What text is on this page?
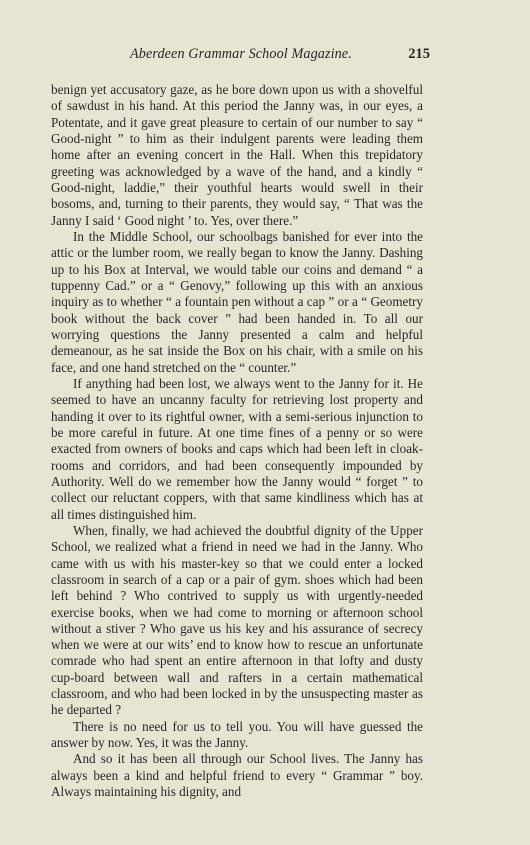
Aberdeen Grammar School Magazine.	215

benign yet accusatory gaze, as he bore down upon us with a shovelful of sawdust in his hand. At this period the Janny was, in our eyes, a Potentate, and it gave great pleasure to certain of our number to say “ Good-night ” to him as their indulgent parents were leading them home after an evening concert in the Hall. When this trepidatory greeting was acknowledged by a wave of the hand, and a kindly “ Good-night, laddie,” their youthful hearts would swell in their bosoms, and, turning to their parents, they would say, “ That was the Janny I said ‘ Good night ’ to. Yes, over there.”

In the Middle School, our schoolbags banished for ever into the attic or the lumber room, we really began to know the Janny. Dashing up to his Box at Interval, we would table our coins and demand “ a tuppenny Cad.” or a “ Genovy,” following up this with an anxious inquiry as to whether “ a fountain pen without a cap ” or a “ Geometry book without the back cover ” had been handed in. To all our worrying questions the Janny presented a calm and helpful demeanour, as he sat inside the Box on his chair, with a smile on his face, and one hand stretched on the “ counter.”

If anything had been lost, we always went to the Janny for it. He seemed to have an uncanny faculty for retrieving lost property and handing it over to its rightful owner, with a semi-serious injunction to be more careful in future. At one time fines of a penny or so were exacted from owners of books and caps which had been left in cloak-rooms and corridors, and had been consequently impounded by Authority. Well do we remember how the Janny would “ forget ” to collect our reluctant coppers, with that same kindliness which has at all times distinguished him.

When, finally, we had achieved the doubtful dignity of the Upper School, we realized what a friend in need we had in the Janny. Who came with us with his master-key so that we could enter a locked classroom in search of a cap or a pair of gym. shoes which had been left behind ? Who contrived to supply us with urgently-needed exercise books, when we had come to morning or afternoon school without a stiver ? Who gave us his key and his assurance of secrecy when we were at our wits’ end to know how to rescue an unfortunate comrade who had spent an entire afternoon in that lofty and dusty cup-board between wall and rafters in a certain mathematical classroom, and who had been locked in by the unsuspecting master as he departed ?

There is no need for us to tell you. You will have guessed the answer by now. Yes, it was the Janny.

And so it has been all through our School lives. The Janny has always been a kind and helpful friend to every “ Grammar ” boy. Always maintaining his dignity, and
